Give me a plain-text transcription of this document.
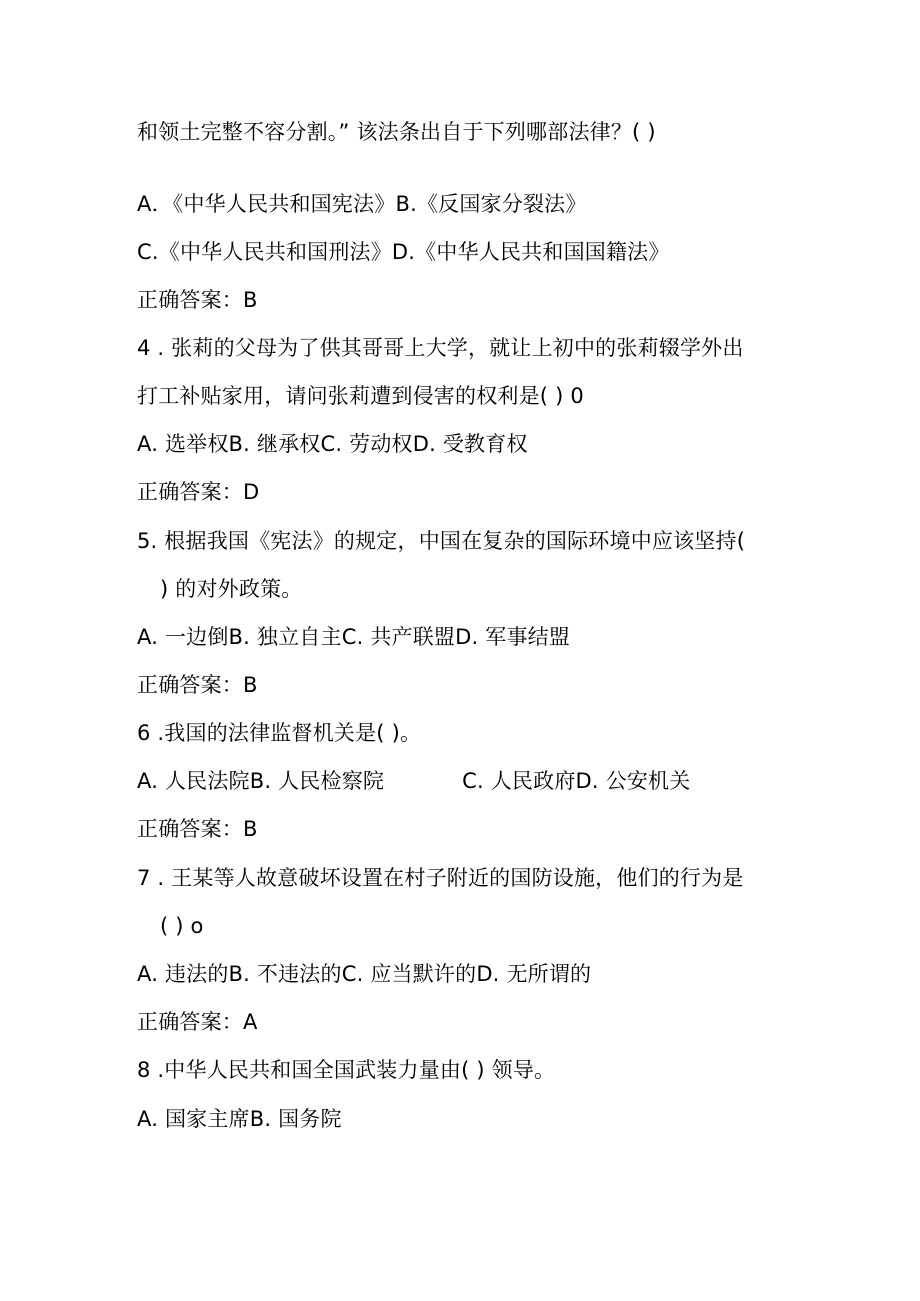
和领土完整不容分割。” 该法条出自于下列哪部法律？( )
A．《中华人民共和国宪法》B.《反国家分裂法》
C.《中华人民共和国刑法》D.《中华人民共和国国籍法》
正确答案：B
4 . 张莉的父母为了供其哥哥上大学，就让上初中的张莉辍学外出
打工补贴家用，请问张莉遭到侵害的权利是( ) 0
A. 选举权B. 继承权C. 劳动权D. 受教育权
正确答案：D
5. 根据我国《宪法》的规定，中国在复杂的国际环境中应该坚持(
) 的对外政策。
A. 一边倒B. 独立自主C. 共产联盟D. 军事结盟
正确答案：B
6 .我国的法律监督机关是( )。
A. 人民法院B. 人民检察院	C. 人民政府D. 公安机关
正确答案：B
7 . 王某等人故意破坏设置在村子附近的国防设施，他们的行为是
( ) o
A. 违法的B. 不违法的C. 应当默许的D. 无所谓的
正确答案：A
8 .中华人民共和国全国武装力量由( ) 领导。
A. 国家主席B. 国务院
